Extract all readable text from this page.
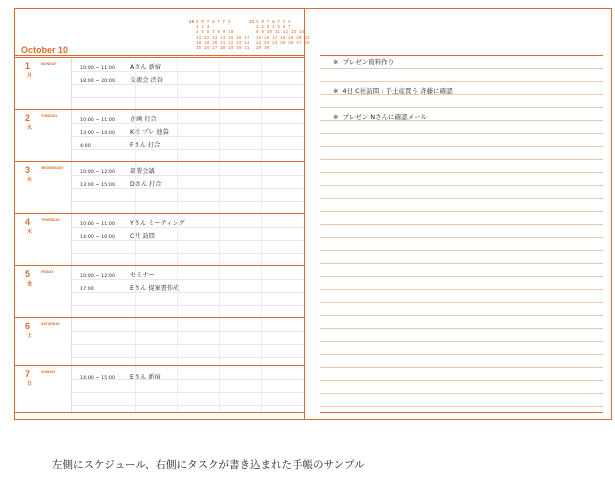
October 10
10 S M T W T F S
1 2 3
4 5 6 7 8 9 10
11 12 13 14 15 16 17
18 19 20 21 22 23 24
25 26 27 28 29 30 31
11 S M T W T F S
1 2 3 4 5 6 7
8 9 10 11 12 13 14
15 16 17 18 19 20 21
22 23 24 25 26 27 28
29 30
1
月
MONDAY
10:00 ~ 11:00 Aさん 新宿
18:00 ~ 20:00 交流会 渋谷
2
火
TUESDAY
10:00 ~ 11:00 企画 打合
13:00 ~ 14:00 K社 プレ 池袋
4:00	Fさん 打合
3
水
WEDNESDAY
10:00 ~ 12:00 部署会議
13:00 ~ 15:00 Dさん 打合
4
木
THURSDAY
10:00 ~ 11:00 Yさん ミーティング
14:00 ~ 16:00 C社 訪問
5
金
FRIDAY
10:00 ~ 12:00 セミナー
17:00	Eさん 提案書作成
6
土
SATURDAY
7
日
SUNDAY
14:00 ~ 15:00 Eさん 新宿
※ プレゼン資料作り
※ 4日 C社訪問 : 手土産買う 斉藤に確認
※ プレゼン Nさんに確認メール
左側にスケジュール、右側にタスクが書き込まれた手帳のサンプル
